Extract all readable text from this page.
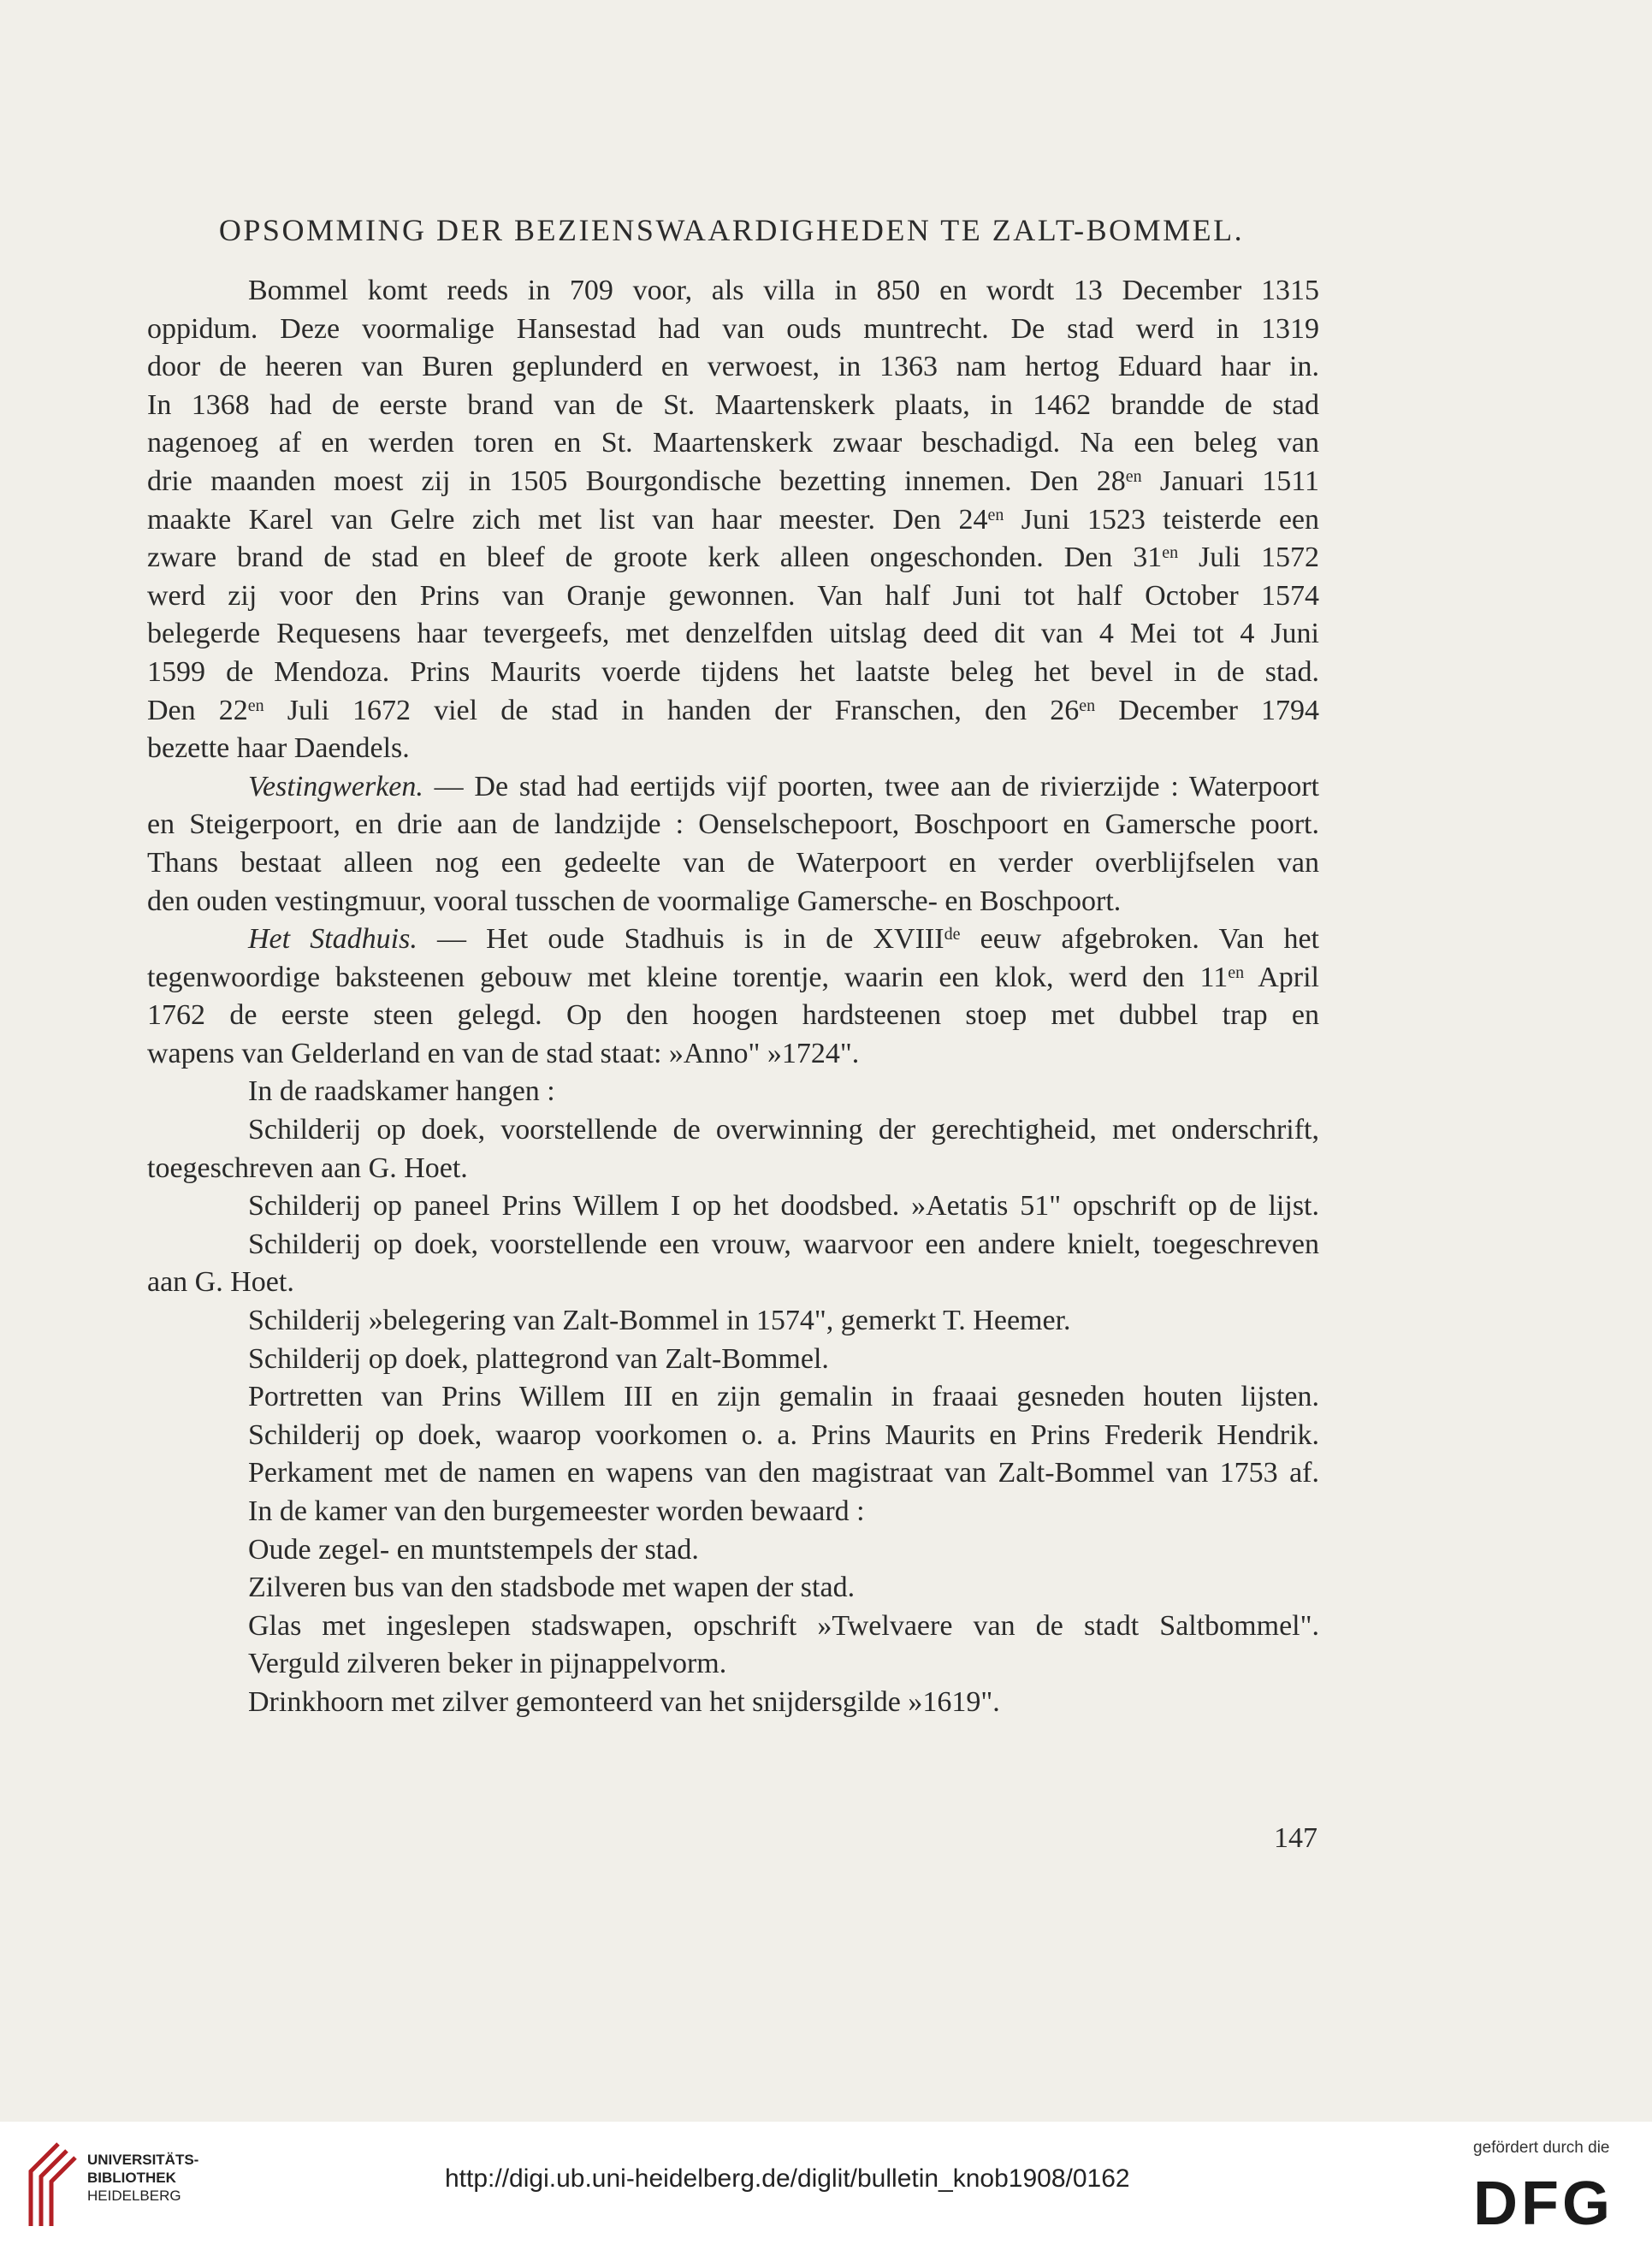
OPSOMMING DER BEZIENSWAARDIGHEDEN TE ZALT-BOMMEL.
Bommel komt reeds in 709 voor, als villa in 850 en wordt 13 December 1315
oppidum. Deze voormalige Hansestad had van ouds muntrecht. De stad werd in 1319
door de heeren van Buren geplunderd en verwoest, in 1363 nam hertog Eduard haar in.
In 1368 had de eerste brand van de St. Maartenskerk plaats, in 1462 brandde de stad
nagenoeg af en werden toren en St. Maartenskerk zwaar beschadigd. Na een beleg van
drie maanden moest zij in 1505 Bourgondische bezetting innemen. Den $28^{en}$ Januari 1511
maakte Karel van Gelre zich met list van haar meester. Den $24^{en}$ Juni 1523 teisterde een
zware brand de stad en bleef de groote kerk alleen ongeschonden. Den $31^{en}$ Juli 1572
werd zij voor den Prins van Oranje gewonnen. Van half Juni tot half October 1574
belegerde Requesens haar tevergeefs, met denzelfden uitslag deed dit van 4 Mei tot 4 Juni
1599 de Mendoza. Prins Maurits voerde tijdens het laatste beleg het bevel in de stad.
Den $22^{en}$ Juli 1672 viel de stad in handen der Franschen, den $26^{en}$ December 1794
bezette haar Daendels.
Vestingwerken. — De stad had eertijds vijf poorten, twee aan de rivierzijde : Waterpoort
en Steigerpoort, en drie aan de landzijde : Oenselschepoort, Boschpoort en Gamersche poort.
Thans bestaat alleen nog een gedeelte van de Waterpoort en verder overblijfselen van
den ouden vestingmuur, vooral tusschen de voormalige Gamersche- en Boschpoort.
Het Stadhuis. — Het oude Stadhuis is in de XVIIIde eeuw afgebroken. Van het
tegenwoordige baksteenen gebouw met kleine torentje, waarin een klok, werd den $11^{en}$ April
1762 de eerste steen gelegd. Op den hoogen hardsteenen stoep met dubbel trap en
wapens van Gelderland en van de stad staat: »Anno" »1724".
In de raadskamer hangen :
Schilderij op doek, voorstellende de overwinning der gerechtigheid, met onderschrift,
toegeschreven aan G. Hoet.
Schilderij op paneel Prins Willem I op het doodsbed. »Aetatis 51" opschrift op de lijst.
Schilderij op doek, voorstellende een vrouw, waarvoor een andere knielt, toegeschreven
aan G. Hoet.
Schilderij »belegering van Zalt-Bommel in 1574", gemerkt T. Heemer.
Schilderij op doek, plattegrond van Zalt-Bommel.
Portretten van Prins Willem III en zijn gemalin in fraaai gesneden houten lijsten.
Schilderij op doek, waarop voorkomen o. a. Prins Maurits en Prins Frederik Hendrik.
Perkament met de namen en wapens van den magistraat van Zalt-Bommel van 1753 af.
In de kamer van den burgemeester worden bewaard :
Oude zegel- en muntstempels der stad.
Zilveren bus van den stadsbode met wapen der stad.
Glas met ingeslepen stadswapen, opschrift »Twelvaere van de stadt Saltbommel".
Verguld zilveren beker in pijnappelvorm.
Drinkhoorn met zilver gemonteerd van het snijdersgilde »1619".
147
UNIVERSITÄTS-
BIBLIOTHEK
HEIDELBERG
http://digi.ub.uni-heidelberg.de/diglit/bulletin_knob1908/0162
gefördert durch die
DFG
